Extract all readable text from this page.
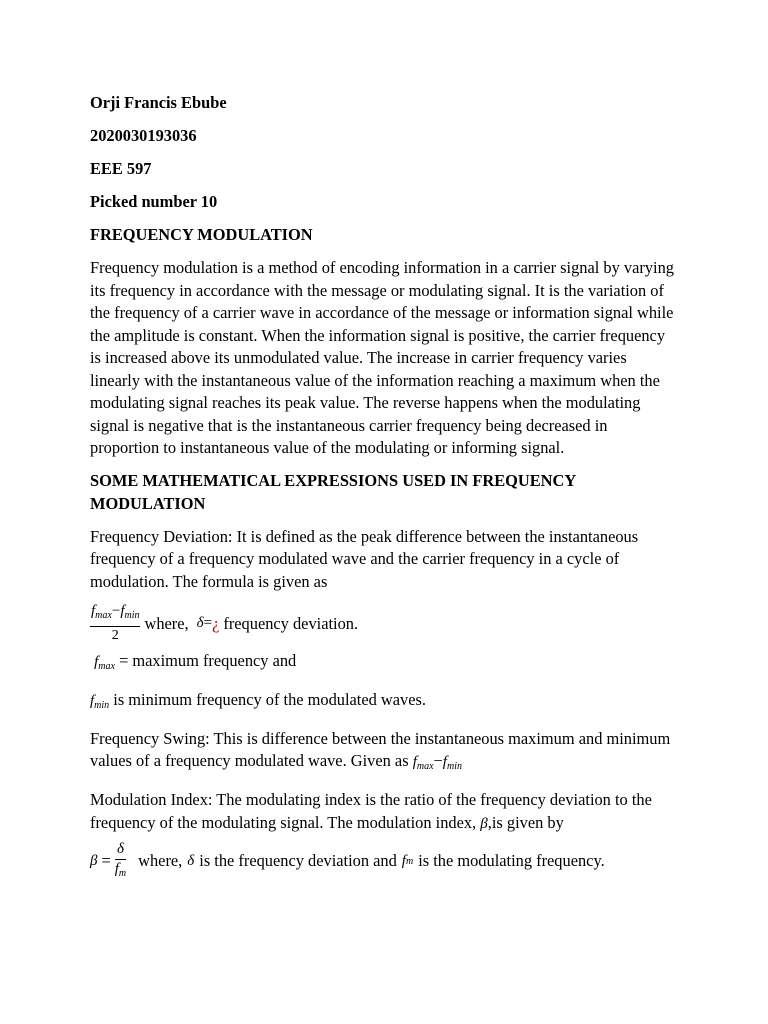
Orji Francis Ebube

2020030193036

EEE 597

Picked number 10

FREQUENCY MODULATION

Frequency modulation is a method of encoding information in a carrier signal by varying its frequency in accordance with the message or modulating signal. It is the variation of the frequency of a carrier wave in accordance of the message or information signal while the amplitude is constant. When the information signal is positive, the carrier frequency is increased above its unmodulated value. The increase in carrier frequency varies linearly with the instantaneous value of the information reaching a maximum when the modulating signal reaches its peak value. The reverse happens when the modulating signal is negative that is the instantaneous carrier frequency being decreased in proportion to instantaneous value of the modulating or informing signal.

SOME MATHEMATICAL EXPRESSIONS USED IN FREQUENCY MODULATION

Frequency Deviation: It is defined as the peak difference between the instantaneous frequency of a frequency modulated wave and the carrier frequency in a cycle of modulation. The formula is given as

$\frac{f_{max}-f_{min}}{2}$ where, δ = ¿ frequency deviation.

$f_{max}$ = maximum frequency and

$f_{min}$ is minimum frequency of the modulated waves.

Frequency Swing: This is difference between the instantaneous maximum and minimum values of a frequency modulated wave. Given as $f_{max}-f_{min}$

Modulation Index: The modulating index is the ratio of the frequency deviation to the frequency of the modulating signal. The modulation index, β,is given by

$\beta = \frac{\delta}{f_m}$ where, δ is the frequency deviation and f m is the modulating frequency.
